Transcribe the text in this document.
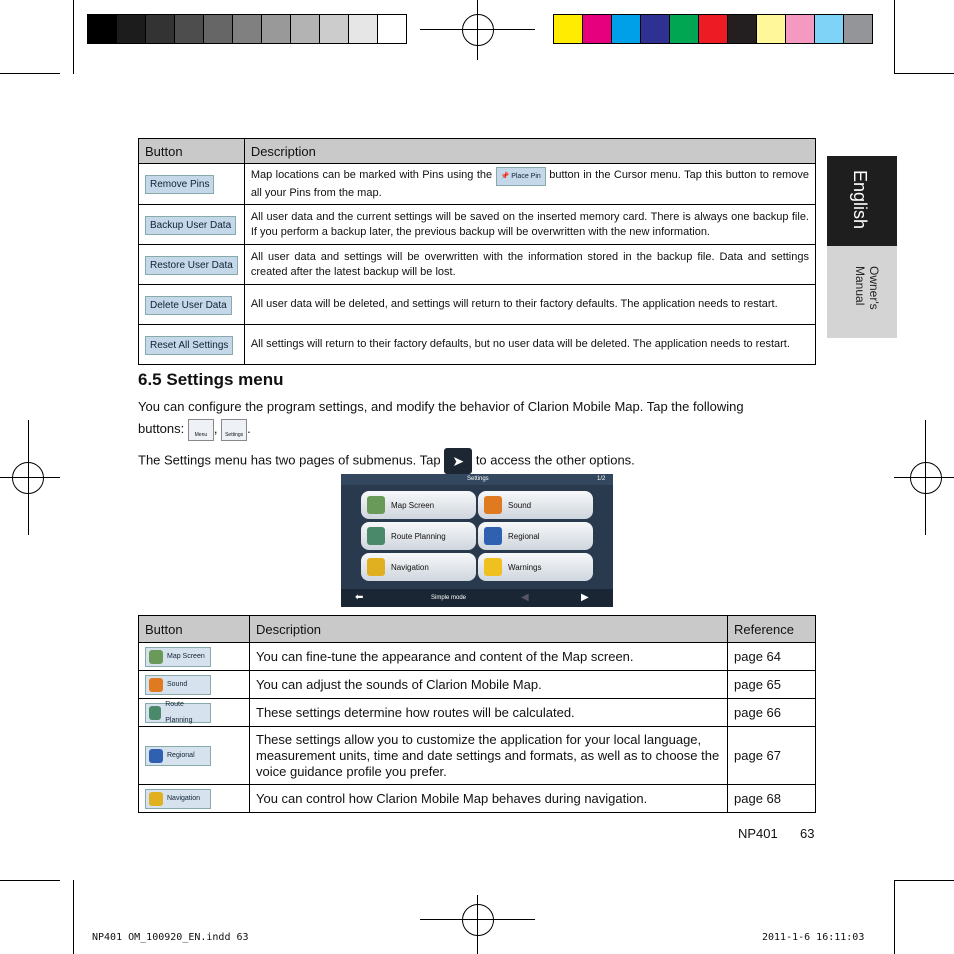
English
Owner's Manual
Button	Description
Remove Pins	Map locations can be marked with Pins using the 📌 Place Pin button in the Cursor menu. Tap this button to remove all your Pins from the map.
Backup User Data	All user data and the current settings will be saved on the inserted memory card. There is always one backup file. If you perform a backup later, the previous backup will be overwritten with the new information.
Restore User Data	All user data and settings will be overwritten with the information stored in the backup file. Data and settings created after the latest backup will be lost.
Delete User Data	All user data will be deleted, and settings will return to their factory defaults. The application needs to restart.
Reset All Settings	All settings will return to their factory defaults, but no user data will be deleted. The application needs to restart.
6.5 Settings menu
You can configure the program settings, and modify the behavior of Clarion Mobile Map. Tap the following
buttons: Menu , Settings .
The Settings menu has two pages of submenus. Tap ➤ to access the other options.
Settings	1/2
Map Screen	Sound
Route Planning	Regional
Navigation	Warnings
⬅	Simple mode	◀	▶
Button	Description	Reference

Map Screen	You can fine-tune the appearance and content of the Map screen.	page 64

Sound	You can adjust the sounds of Clarion Mobile Map.	page 65

Route Planning	These settings determine how routes will be calculated.	page 66

Regional	These settings allow you to customize the application for your local language, measurement units, time and date settings and formats, as well as to choose the voice guidance profile you prefer.	page 67

Navigation	You can control how Clarion Mobile Map behaves during navigation.	page 68
NP401 63
NP401 OM_100920_EN.indd 63	2011-1-6 16:11:03
